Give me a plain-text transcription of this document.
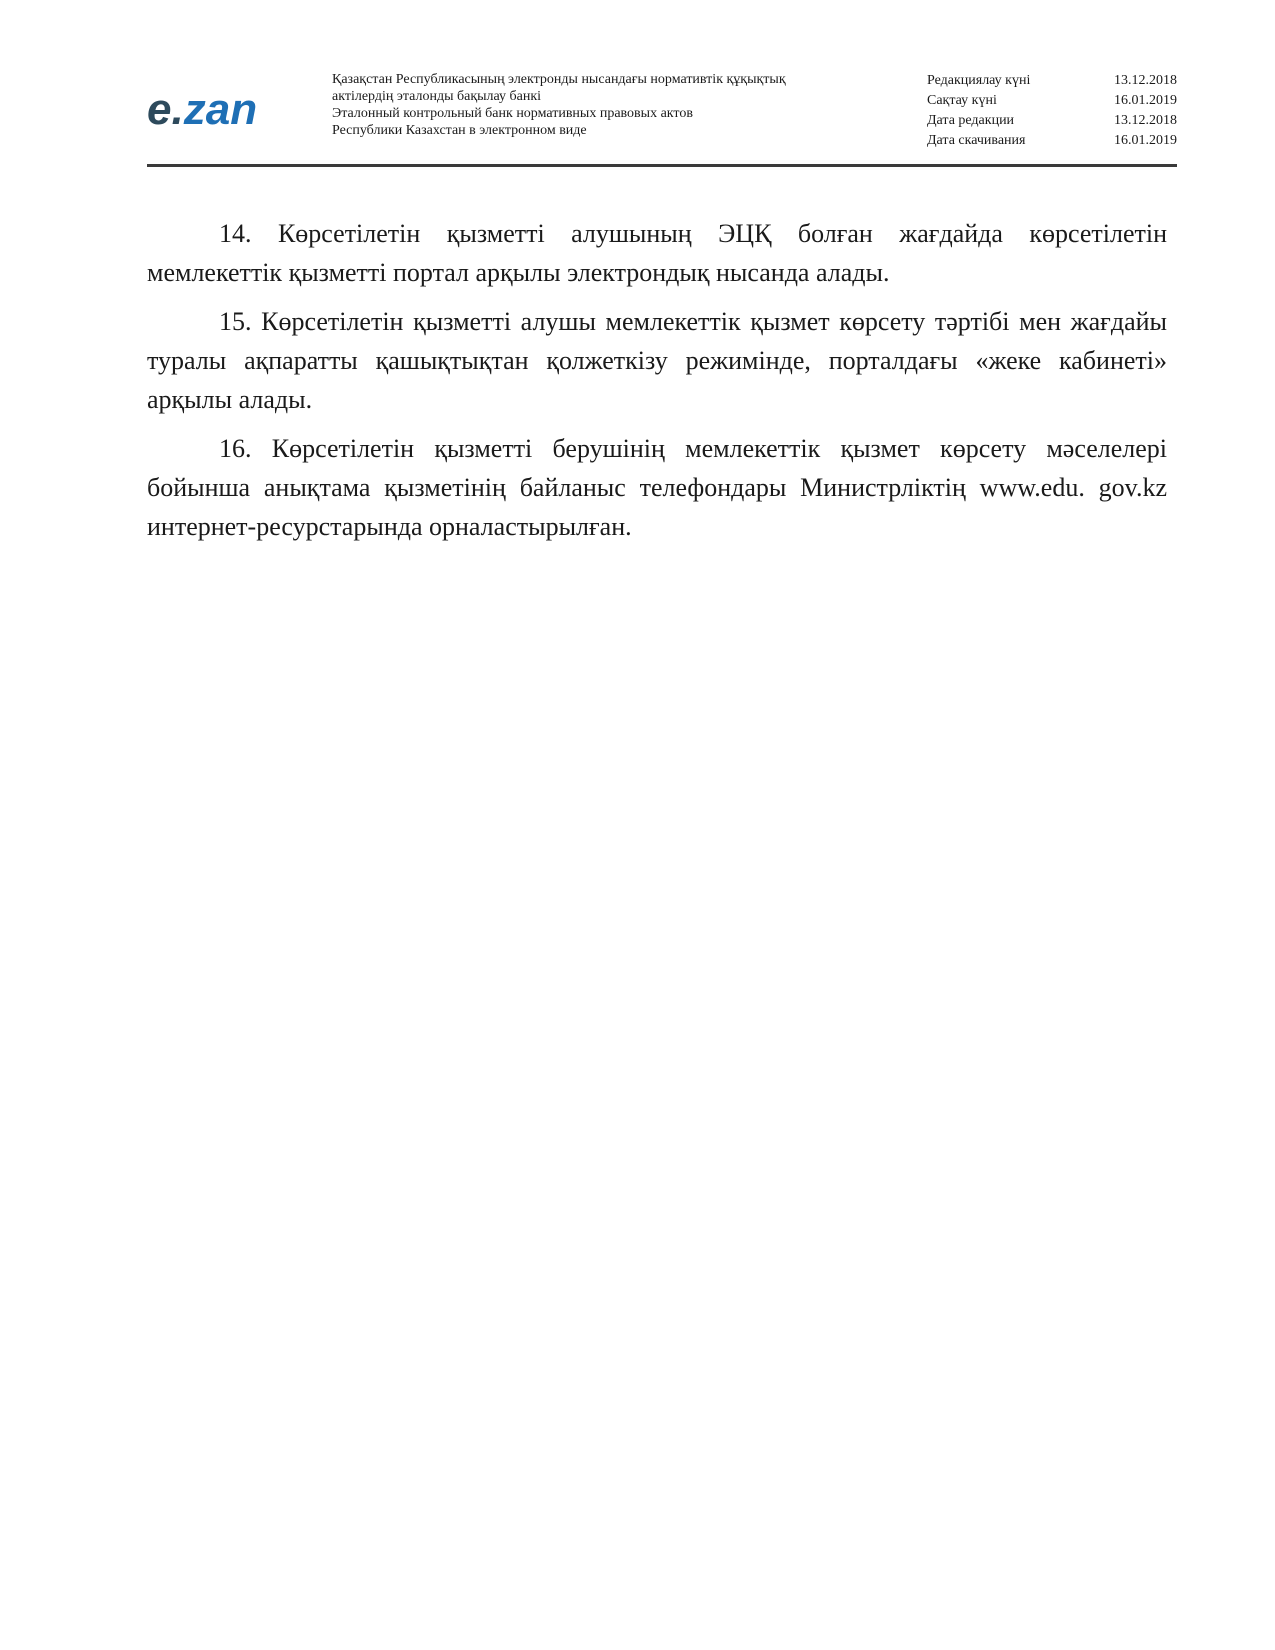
e.zan
Қазақстан Республикасының электронды нысандағы нормативтік құқықтық
актілердің эталонды бақылау банкі
Эталонный контрольный банк нормативных правовых актов
Республики Казахстан в электронном виде
Редакциялау күні	13.12.2018
Сақтау күні	16.01.2019
Дата редакции	13.12.2018
Дата скачивания	16.01.2019

14. Көрсетілетін қызметті алушының ЭЦҚ болған жағдайда көрсетілетін мемлекеттік қызметті портал арқылы электрондық нысанда алады.

15. Көрсетілетін қызметті алушы мемлекеттік қызмет көрсету тәртібі мен жағдайы туралы ақпаратты қашықтықтан қолжеткізу режимінде, порталдағы «жеке кабинеті» арқылы алады.

16. Көрсетілетін қызметті берушінің мемлекеттік қызмет көрсету мәселелері бойынша анықтама қызметінің байланыс телефондары Министрліктің www.edu. gov.kz интернет-ресурстарында орналастырылған.
